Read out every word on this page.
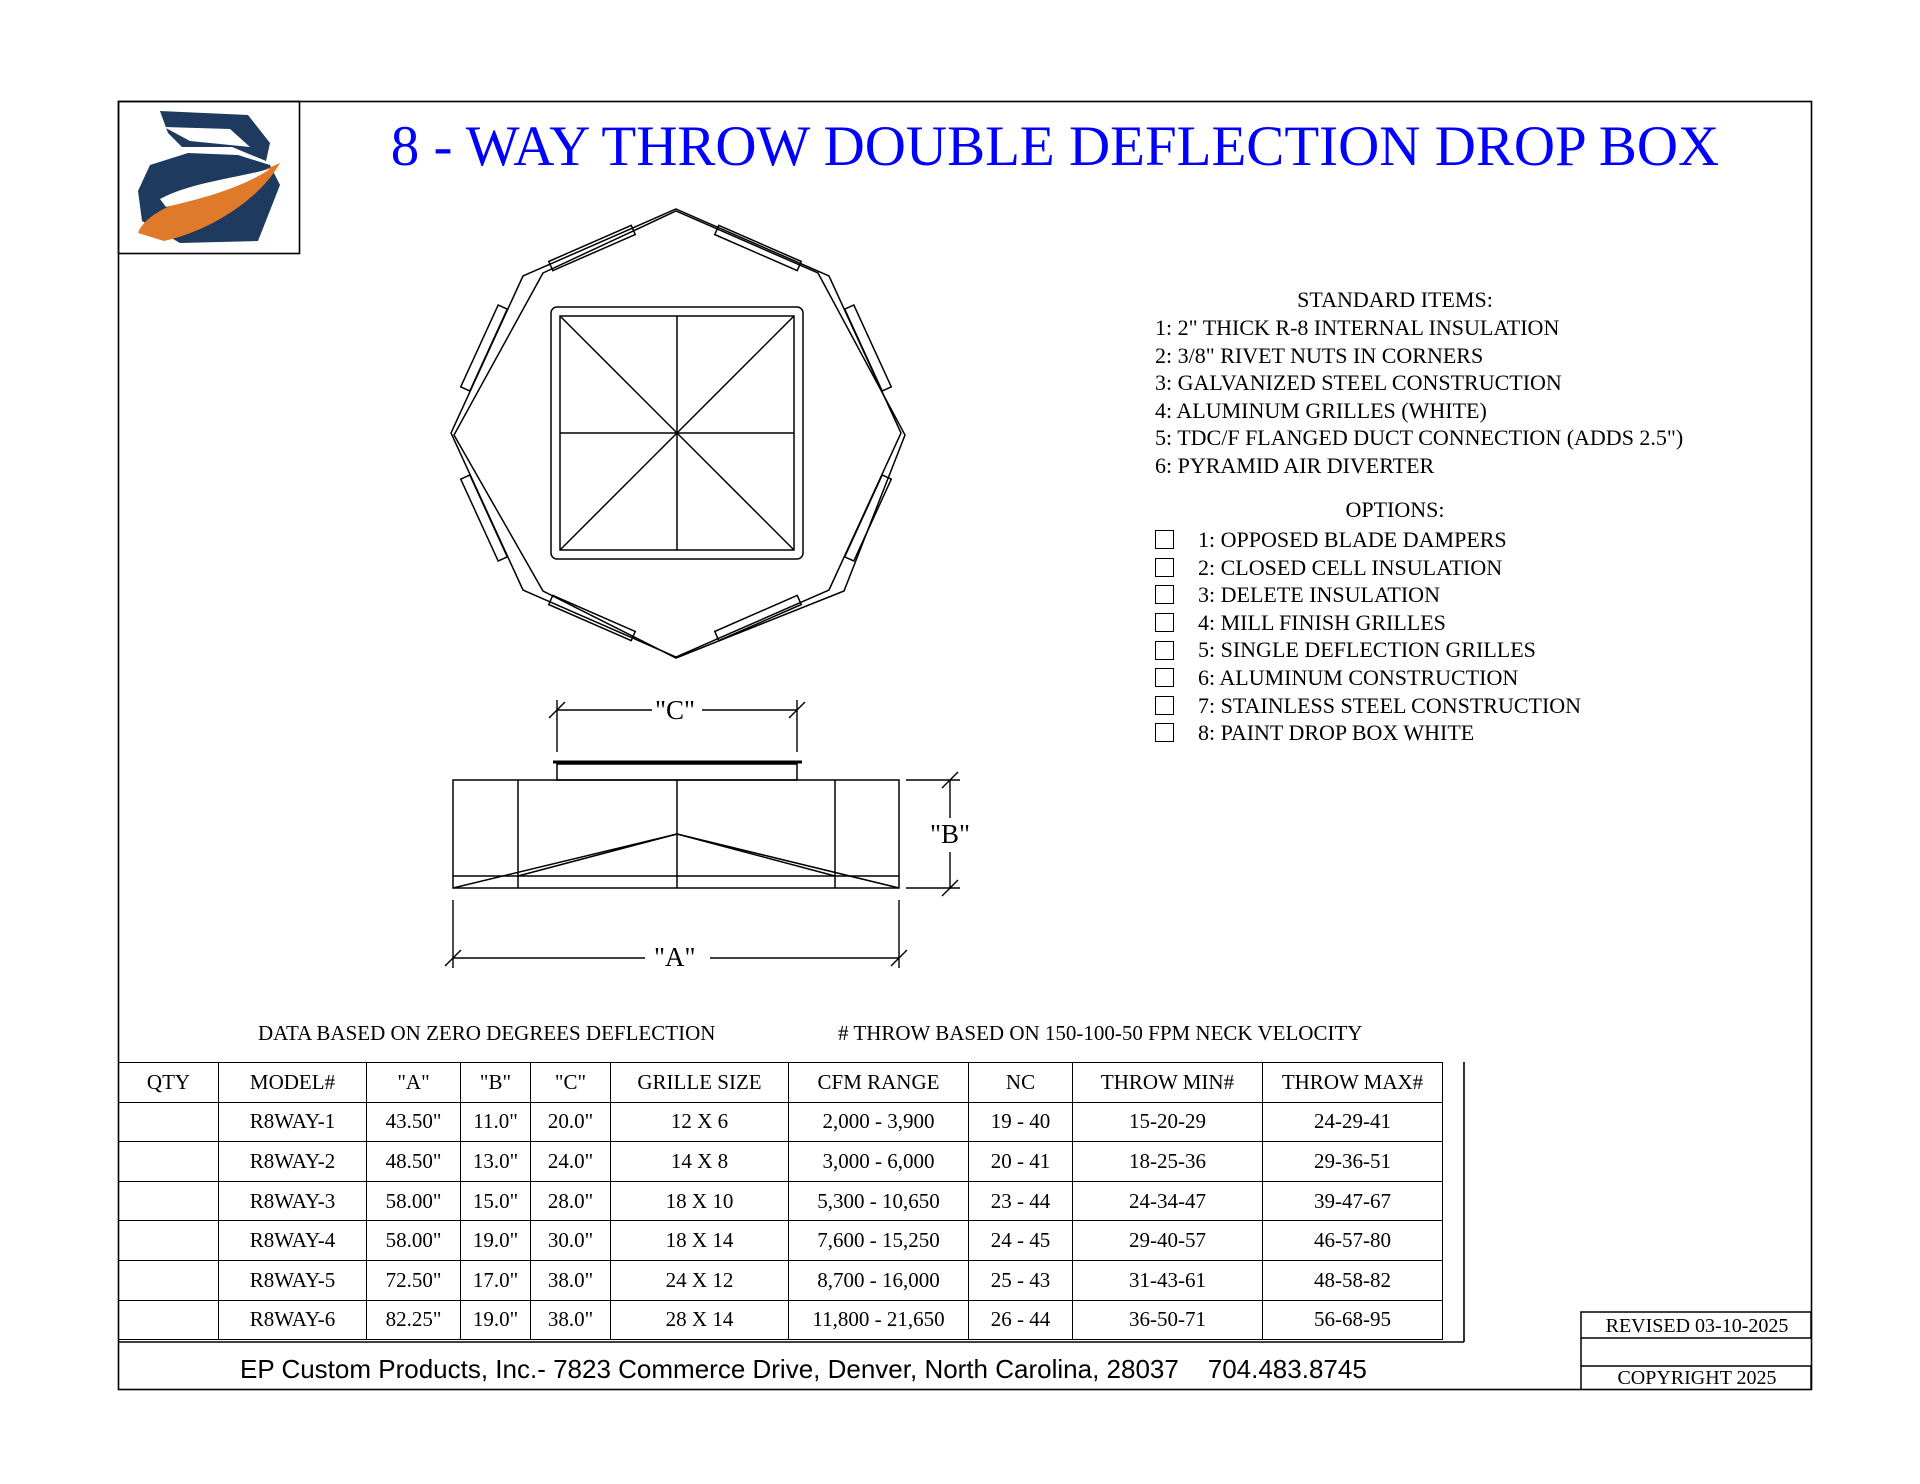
8 - WAY THROW DOUBLE DEFLECTION DROP BOX
"C"
"B"
"A"
STANDARD ITEMS:
1: 2" THICK R-8 INTERNAL INSULATION
2: 3/8" RIVET NUTS IN CORNERS
3: GALVANIZED STEEL CONSTRUCTION
4: ALUMINUM GRILLES (WHITE)
5: TDC/F FLANGED DUCT CONNECTION (ADDS 2.5")
6: PYRAMID AIR DIVERTER
OPTIONS:
1: OPPOSED BLADE DAMPERS
2: CLOSED CELL INSULATION
3: DELETE INSULATION
4: MILL FINISH GRILLES
5: SINGLE DEFLECTION GRILLES
6: ALUMINUM CONSTRUCTION
7: STAINLESS STEEL CONSTRUCTION
8: PAINT DROP BOX WHITE
DATA BASED ON ZERO DEGREES DEFLECTION	# THROW BASED ON 150-100-50 FPM NECK VELOCITY
QTY	MODEL#	"A"	"B"	"C"	GRILLE SIZE	CFM RANGE	NC	THROW MIN#	THROW MAX#
	R8WAY-1	43.50"	11.0"	20.0"	12 X 6	2,000 - 3,900	19 - 40	15-20-29	24-29-41
	R8WAY-2	48.50"	13.0"	24.0"	14 X 8	3,000 - 6,000	20 - 41	18-25-36	29-36-51
	R8WAY-3	58.00"	15.0"	28.0"	18 X 10	5,300 - 10,650	23 - 44	24-34-47	39-47-67
	R8WAY-4	58.00"	19.0"	30.0"	18 X 14	7,600 - 15,250	24 - 45	29-40-57	46-57-80
	R8WAY-5	72.50"	17.0"	38.0"	24 X 12	8,700 - 16,000	25 - 43	31-43-61	48-58-82
	R8WAY-6	82.25"	19.0"	38.0"	28 X 14	11,800 - 21,650	26 - 44	36-50-71	56-68-95
EP Custom Products, Inc.- 7823 Commerce Drive, Denver, North Carolina, 28037 704.483.8745
REVISED 03-10-2025
COPYRIGHT 2025
